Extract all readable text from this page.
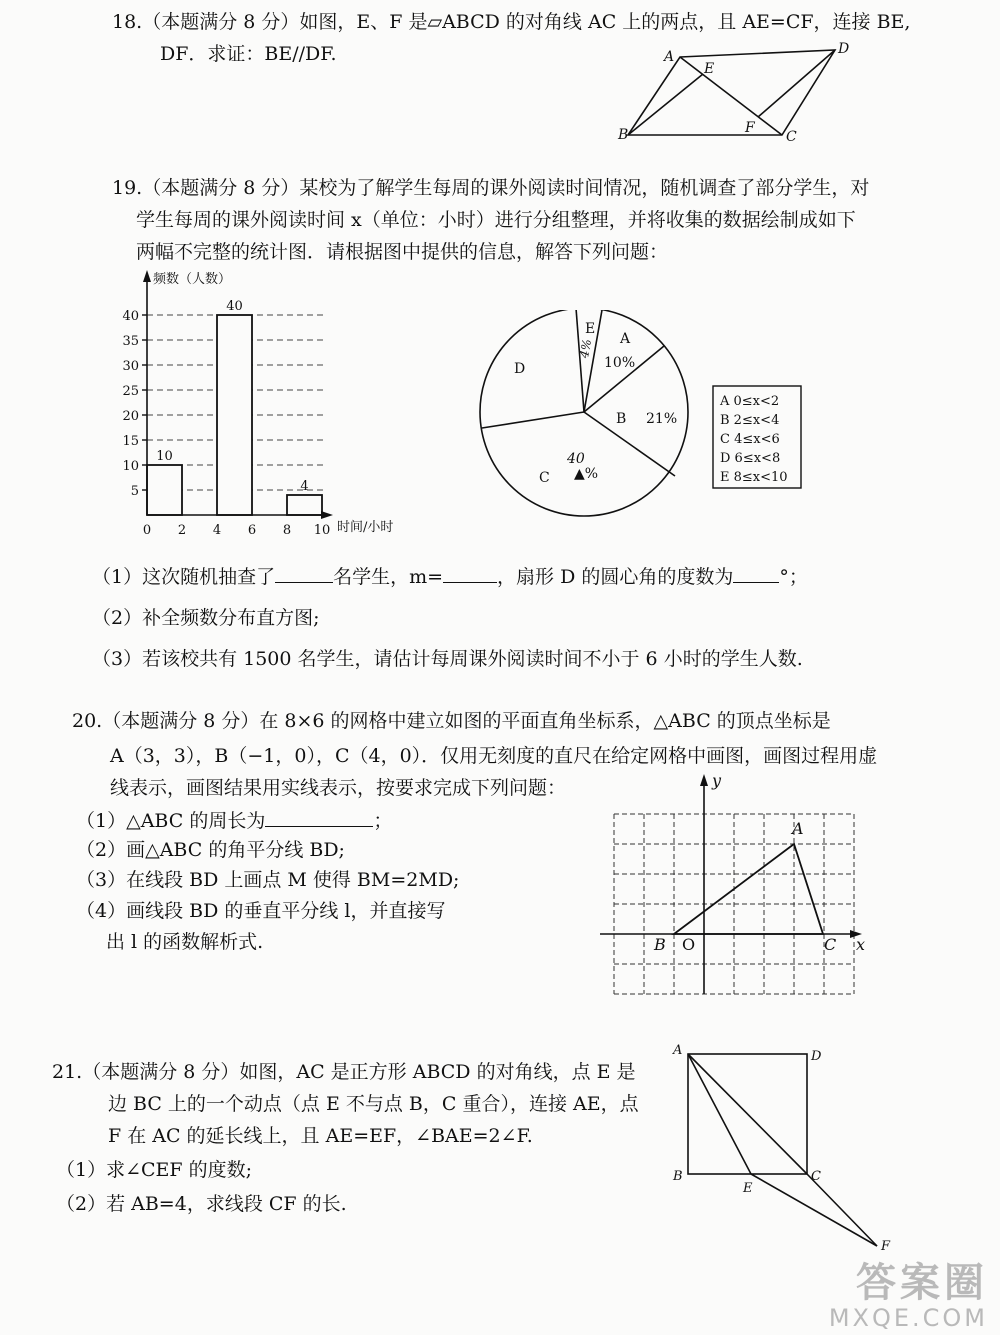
18.（本题满分 8 分）如图，E、F 是▱ABCD 的对角线 AC 上的两点，且 AE=CF，连接 BE,
DF．求证：BE//DF.	A
E
D
B	F
C
19.（本题满分 8 分）某校为了解学生每周的课外阅读时间情况，随机调查了部分学生，对
学生每周的课外阅读时间 x（单位：小时）进行分组整理，并将收集的数据绘制成如下
两幅不完整的统计图．请根据图中提供的信息，解答下列问题：
频数（人数）
时间/小时
5
10
15
20
25
30
35
40
0 2 4 6 8 10
10
40
4
E
4% A
10%
D
B 21%
40
▲%
C
A 0≤x<2
B 2≤x<4
C 4≤x<6
D 6≤x<8
E 8≤x<10
（1）这次随机抽查了	名学生，m=	，扇形 D 的圆心角的度数为 °；
（2）补全频数分布直方图;
（3）若该校共有 1500 名学生，请估计每周课外阅读时间不小于 6 小时的学生人数.
20.（本题满分 8 分）在 8×6 的网格中建立如图的平面直角坐标系，△ABC 的顶点坐标是
A（3，3），B（−1，0），C（4，0）．仅用无刻度的直尺在给定网格中画图，画图过程用虚
线表示，画图结果用实线表示，按要求完成下列问题：
（1）△ABC 的周长为	；
（2）画△ABC 的角平分线 BD;
（3）在线段 BD 上画点 M 使得 BM=2MD;
（4）画线段 BD 的垂直平分线 l，并直接写
出 l 的函数解析式.
y
x
A
B O	C
21.（本题满分 8 分）如图，AC 是正方形 ABCD 的对角线，点 E 是
边 BC 上的一个动点（点 E 不与点 B，C 重合），连接 AE，点
F 在 AC 的延长线上，且 AE=EF，∠BAE=2∠F.
（1）求∠CEF 的度数;
（2）若 AB=4，求线段 CF 的长.
A	D
B
E
C
F
答案圈
MXQE.COM
